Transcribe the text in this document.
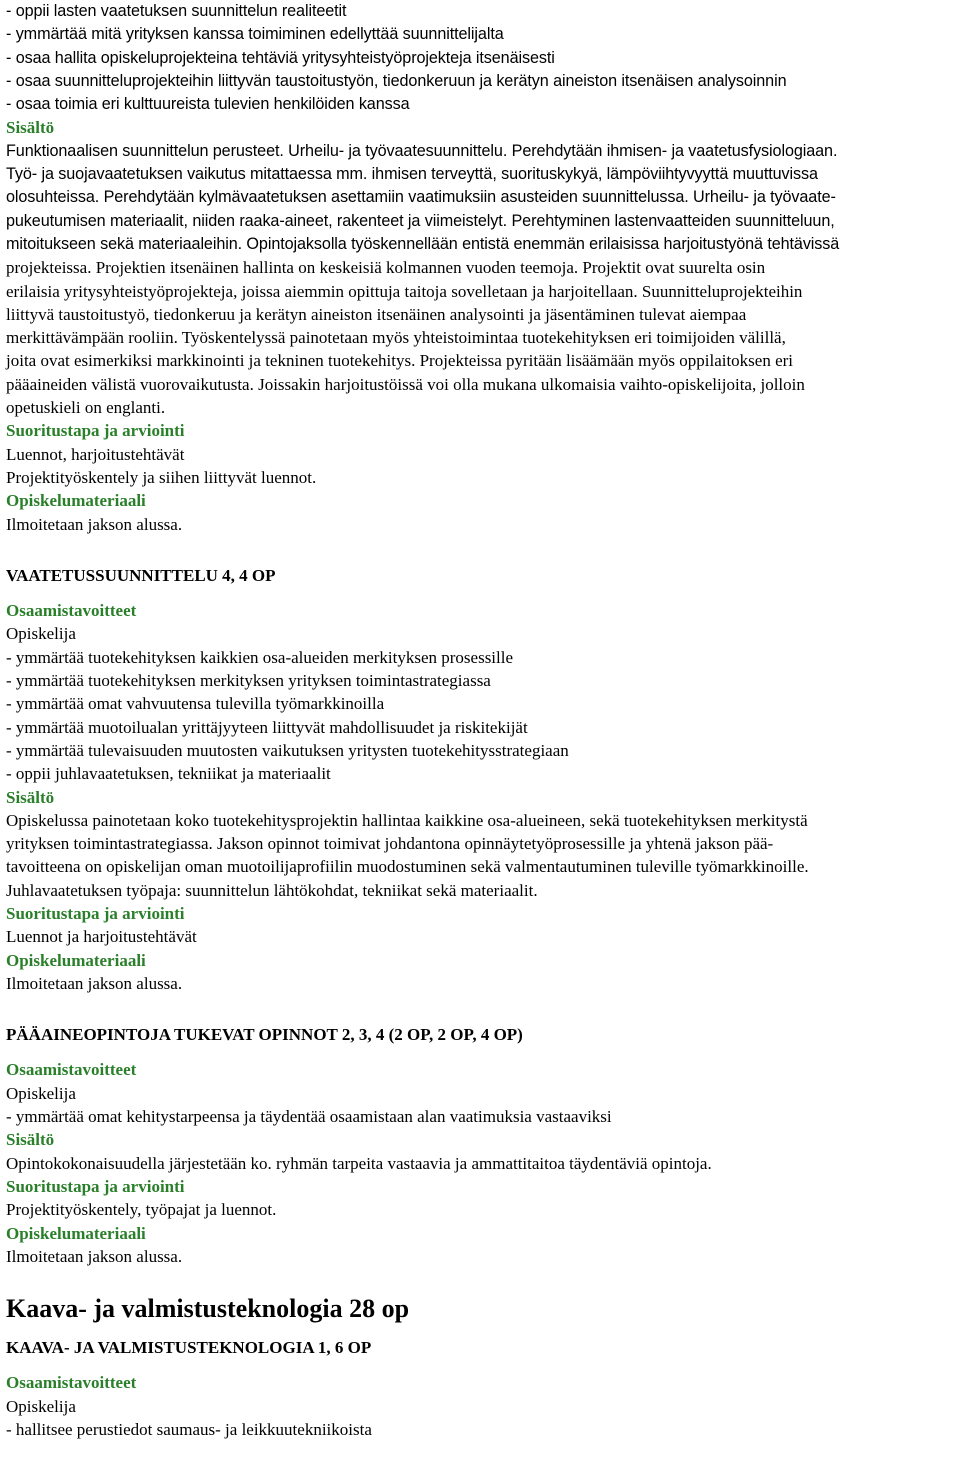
- oppii lasten vaatetuksen suunnittelun realiteetit

- ymmärtää mitä yrityksen kanssa toimiminen edellyttää suunnittelijalta

- osaa hallita opiskeluprojekteina tehtäviä yritysyhteistyöprojekteja itsenäisesti

- osaa suunnitteluprojekteihin liittyvän taustoitustyön, tiedonkeruun ja kerätyn aineiston itsenäisen analysoinnin

- osaa toimia eri kulttuureista tulevien henkilöiden kanssa

Sisältö

Funktionaalisen suunnittelun perusteet. Urheilu- ja työvaatesuunnittelu. Perehdytään ihmisen- ja vaatetusfysiologiaan.

Työ- ja suojavaatetuksen vaikutus mitattaessa mm. ihmisen terveyttä, suorituskykyä, lämpöviihtyvyyttä muuttuvissa

olosuhteissa. Perehdytään kylmävaatetuksen asettamiin vaatimuksiin asusteiden suunnittelussa. Urheilu- ja työvaate-

pukeutumisen materiaalit, niiden raaka-aineet, rakenteet ja viimeistelyt. Perehtyminen lastenvaatteiden suunnitteluun,

mitoitukseen sekä materiaaleihin. Opintojaksolla työskennellään entistä enemmän erilaisissa harjoitustyönä tehtävissä

projekteissa. Projektien itsenäinen hallinta on keskeisiä kolmannen vuoden teemoja. Projektit ovat suurelta osin

erilaisia yritysyhteistyöprojekteja, joissa aiemmin opittuja taitoja sovelletaan ja harjoitellaan. Suunnitteluprojekteihin

liittyvä taustoitustyö, tiedonkeruu ja kerätyn aineiston itsenäinen analysointi ja jäsentäminen tulevat aiempaa

merkittävämpään rooliin. Työskentelyssä painotetaan myös yhteistoimintaa tuotekehityksen eri toimijoiden välillä,

joita ovat esimerkiksi markkinointi ja tekninen tuotekehitys. Projekteissa pyritään lisäämään myös oppilaitoksen eri

pääaineiden välistä vuorovaikutusta. Joissakin harjoitustöissä voi olla mukana ulkomaisia vaihto-opiskelijoita, jolloin

opetuskieli on englanti.

Suoritustapa ja arviointi

Luennot, harjoitustehtävät

Projektityöskentely ja siihen liittyvät luennot.

Opiskelumateriaali

Ilmoitetaan jakson alussa.

VAATETUSSUUNNITTELU 4, 4 OP

Osaamistavoitteet

Opiskelija

- ymmärtää tuotekehityksen kaikkien osa-alueiden merkityksen prosessille

- ymmärtää tuotekehityksen merkityksen yrityksen toimintastrategiassa

- ymmärtää omat vahvuutensa tulevilla työmarkkinoilla

- ymmärtää muotoilualan yrittäjyyteen liittyvät mahdollisuudet ja riskitekijät

- ymmärtää tulevaisuuden muutosten vaikutuksen yritysten tuotekehitysstrategiaan

- oppii juhlavaatetuksen, tekniikat ja materiaalit

Sisältö

Opiskelussa painotetaan koko tuotekehitysprojektin hallintaa kaikkine osa-alueineen, sekä tuotekehityksen merkitystä

yrityksen toimintastrategiassa. Jakson opinnot toimivat johdantona opinnäytetyöprosessille ja yhtenä jakson pää-

tavoitteena on opiskelijan oman muotoilijaprofiilin muodostuminen sekä valmentautuminen tuleville työmarkkinoille.

Juhlavaatetuksen työpaja: suunnittelun lähtökohdat, tekniikat sekä materiaalit.

Suoritustapa ja arviointi

Luennot ja harjoitustehtävät

Opiskelumateriaali

Ilmoitetaan jakson alussa.

PÄÄAINEOPINTOJA TUKEVAT OPINNOT 2, 3, 4 (2 OP, 2 OP, 4 OP)

Osaamistavoitteet

Opiskelija

- ymmärtää omat kehitystarpeensa ja täydentää osaamistaan alan vaatimuksia vastaaviksi

Sisältö

Opintokokonaisuudella järjestetään ko. ryhmän tarpeita vastaavia ja ammattitaitoa täydentäviä opintoja.

Suoritustapa ja arviointi

Projektityöskentely, työpajat ja luennot.

Opiskelumateriaali

Ilmoitetaan jakson alussa.

Kaava- ja valmistusteknologia 28 op

KAAVA- JA VALMISTUSTEKNOLOGIA 1, 6 OP

Osaamistavoitteet

Opiskelija

- hallitsee perustiedot saumaus- ja leikkuutekniikoista
